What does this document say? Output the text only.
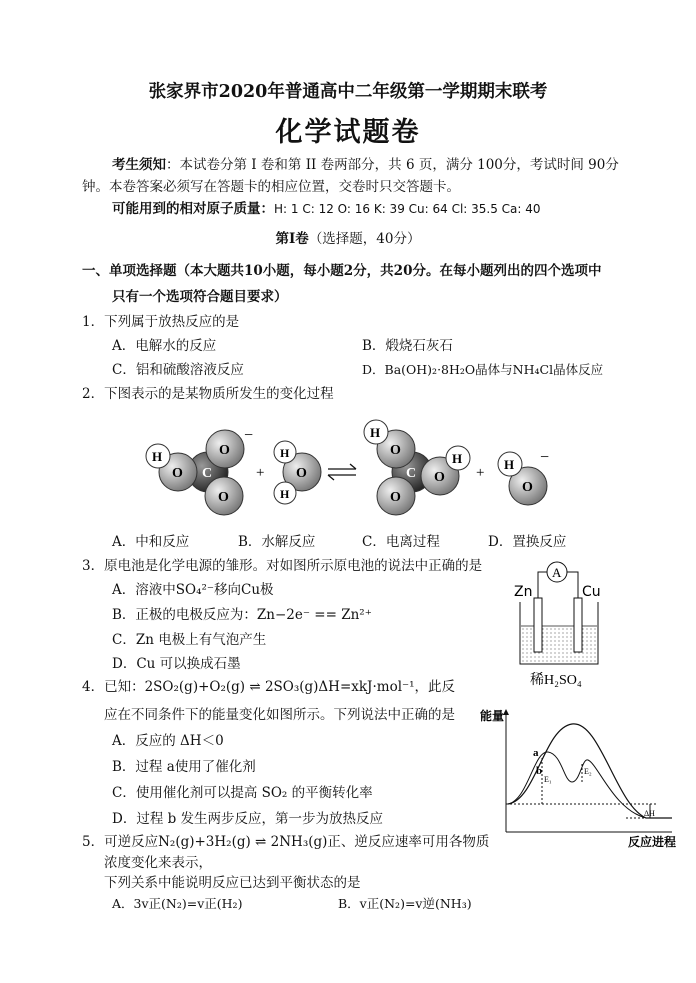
张家界市2020年普通高中二年级第一学期期末联考
化学试题卷
考生须知：本试卷分第 I 卷和第 II 卷两部分，共 6 页，满分 100分，考试时间 90分
钟。本卷答案必须写在答题卡的相应位置，交卷时只交答题卡。
可能用到的相对原子质量：H: 1 C: 12 O: 16 K: 39 Cu: 64 Cl: 35.5 Ca: 40
第Ⅰ卷（选择题，40分）
一、单项选择题（本大题共10小题，每小题2分，共20分。在每小题列出的四个选项中
只有一个选项符合题目要求）
1．下列属于放热反应的是
A．电解水的反应	B．煅烧石灰石
C．铝和硫酸溶液反应	D．Ba(OH)₂·8H₂O晶体与NH₄Cl晶体反应
2．下图表示的是某物质所发生的变化过程
C
O
O
O
H
−
+ O
H
H
C
O
O
O
H
H
+
O
H −
A．中和反应	B．水解反应	C．电离过程	D．置换反应
3．原电池是化学电源的雏形。对如图所示原电池的说法中正确的是
A．溶液中SO₄²⁻移向Cu极
B．正极的电极反应为：Zn−2e⁻ == Zn²⁺
C．Zn 电极上有气泡产生
D．Cu 可以换成石墨
Zn	Cu
A
稀H₂SO₄
4．已知：2SO₂(g)+O₂(g) ⇌ 2SO₃(g)ΔH=xkJ·mol⁻¹，此反
应在不同条件下的能量变化如图所示。下列说法中正确的是
A．反应的 ΔH＜0
B．过程 a使用了催化剂
C．使用催化剂可以提高 SO₂ 的平衡转化率
D．过程 b 发生两步反应，第一步为放热反应
能量
反应进程
a
b
E₁
E₂
ΔH
5．可逆反应N₂(g)+3H₂(g) ⇌ 2NH₃(g)正、逆反应速率可用各物质
浓度变化来表示，
下列关系中能说明反应已达到平衡状态的是
A．3v正(N₂)=v正(H₂)	B．v正(N₂)=v逆(NH₃)
